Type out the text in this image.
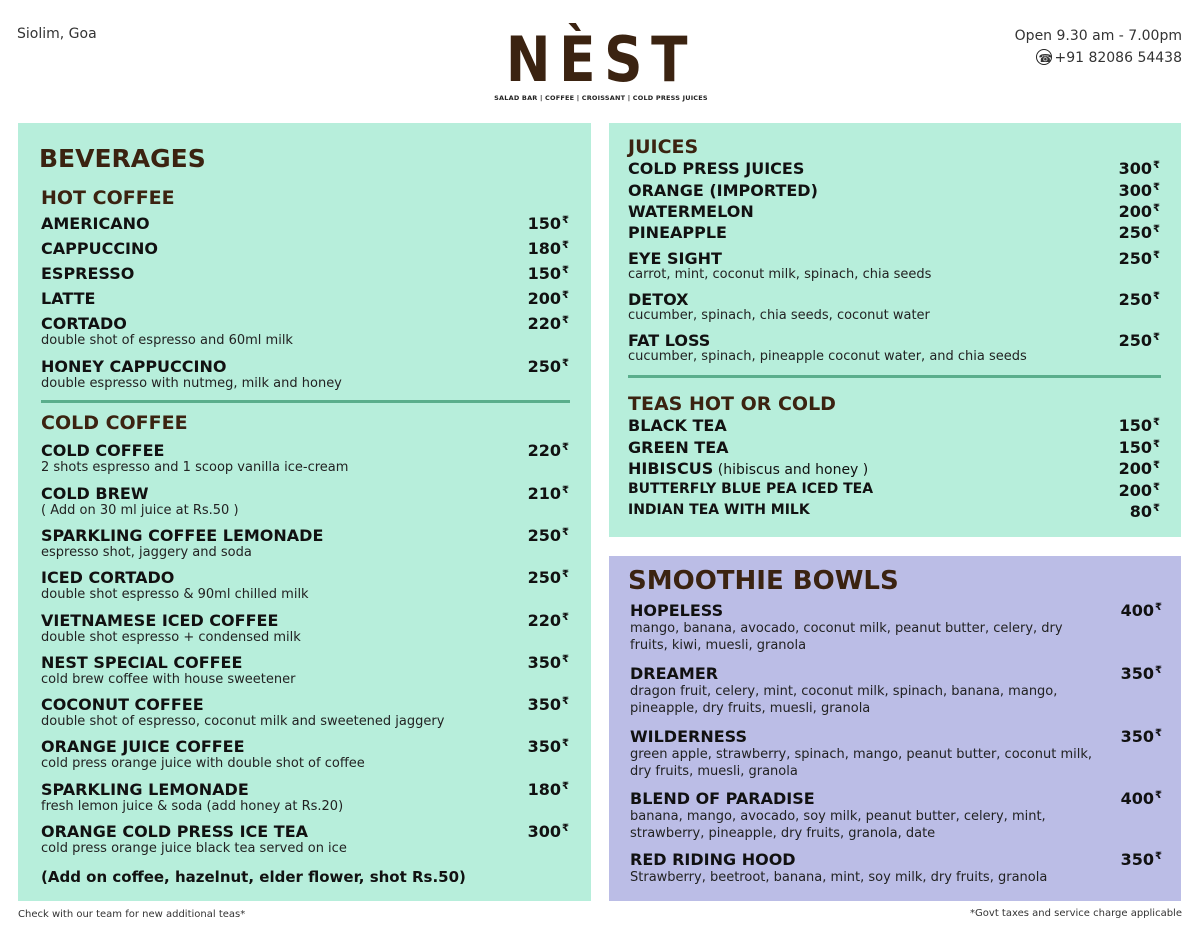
Siolim, Goa	NÈST
SALAD BAR | COFFEE | CROISSANT | COLD PRESS JUICES
Open 9.30 am - 7.00pm
☎+91 82086 54438
BEVERAGES
HOT COFFEE
AMERICANO	150₹
CAPPUCCINO	180₹
ESPRESSO	150₹
LATTE	200₹
CORTADO	220₹
double shot of espresso and 60ml milk
HONEY CAPPUCCINO	250₹
double espresso with nutmeg, milk and honey
COLD COFFEE
COLD COFFEE	220₹
2 shots espresso and 1 scoop vanilla ice-cream
COLD BREW	210₹
( Add on 30 ml juice at Rs.50 )
SPARKLING COFFEE LEMONADE	250₹
espresso shot, jaggery and soda
ICED CORTADO	250₹
double shot espresso & 90ml chilled milk
VIETNAMESE ICED COFFEE	220₹
double shot espresso + condensed milk
NEST SPECIAL COFFEE	350₹
cold brew coffee with house sweetener
COCONUT COFFEE	350₹
double shot of espresso, coconut milk and sweetened jaggery
ORANGE JUICE COFFEE	350₹
cold press orange juice with double shot of coffee
SPARKLING LEMONADE	180₹
fresh lemon juice & soda (add honey at Rs.20)
ORANGE COLD PRESS ICE TEA	300₹
cold press orange juice black tea served on ice
(Add on coffee, hazelnut, elder flower, shot Rs.50)
JUICES
COLD PRESS JUICES	300₹
ORANGE (IMPORTED)	300₹
WATERMELON	200₹
PINEAPPLE	250₹
EYE SIGHT	250₹
carrot, mint, coconut milk, spinach, chia seeds
DETOX	250₹
cucumber, spinach, chia seeds, coconut water
FAT LOSS	250₹
cucumber, spinach, pineapple coconut water, and chia seeds
TEAS HOT OR COLD
BLACK TEA	150₹
GREEN TEA	150₹
HIBISCUS (hibiscus and honey )	200₹
BUTTERFLY BLUE PEA ICED TEA	200₹
INDIAN TEA WITH MILK	80₹
SMOOTHIE BOWLS
HOPELESS	400₹
mango, banana, avocado, coconut milk, peanut butter, celery, dry fruits, kiwi, muesli, granola
DREAMER	350₹
dragon fruit, celery, mint, coconut milk, spinach, banana, mango, pineapple, dry fruits, muesli, granola
WILDERNESS	350₹
green apple, strawberry, spinach, mango, peanut butter, coconut milk, dry fruits, muesli, granola
BLEND OF PARADISE	400₹
banana, mango, avocado, soy milk, peanut butter, celery, mint, strawberry, pineapple, dry fruits, granola, date
RED RIDING HOOD	350₹
Strawberry, beetroot, banana, mint, soy milk, dry fruits, granola
Check with our team for new additional teas*	*Govt taxes and service charge applicable
